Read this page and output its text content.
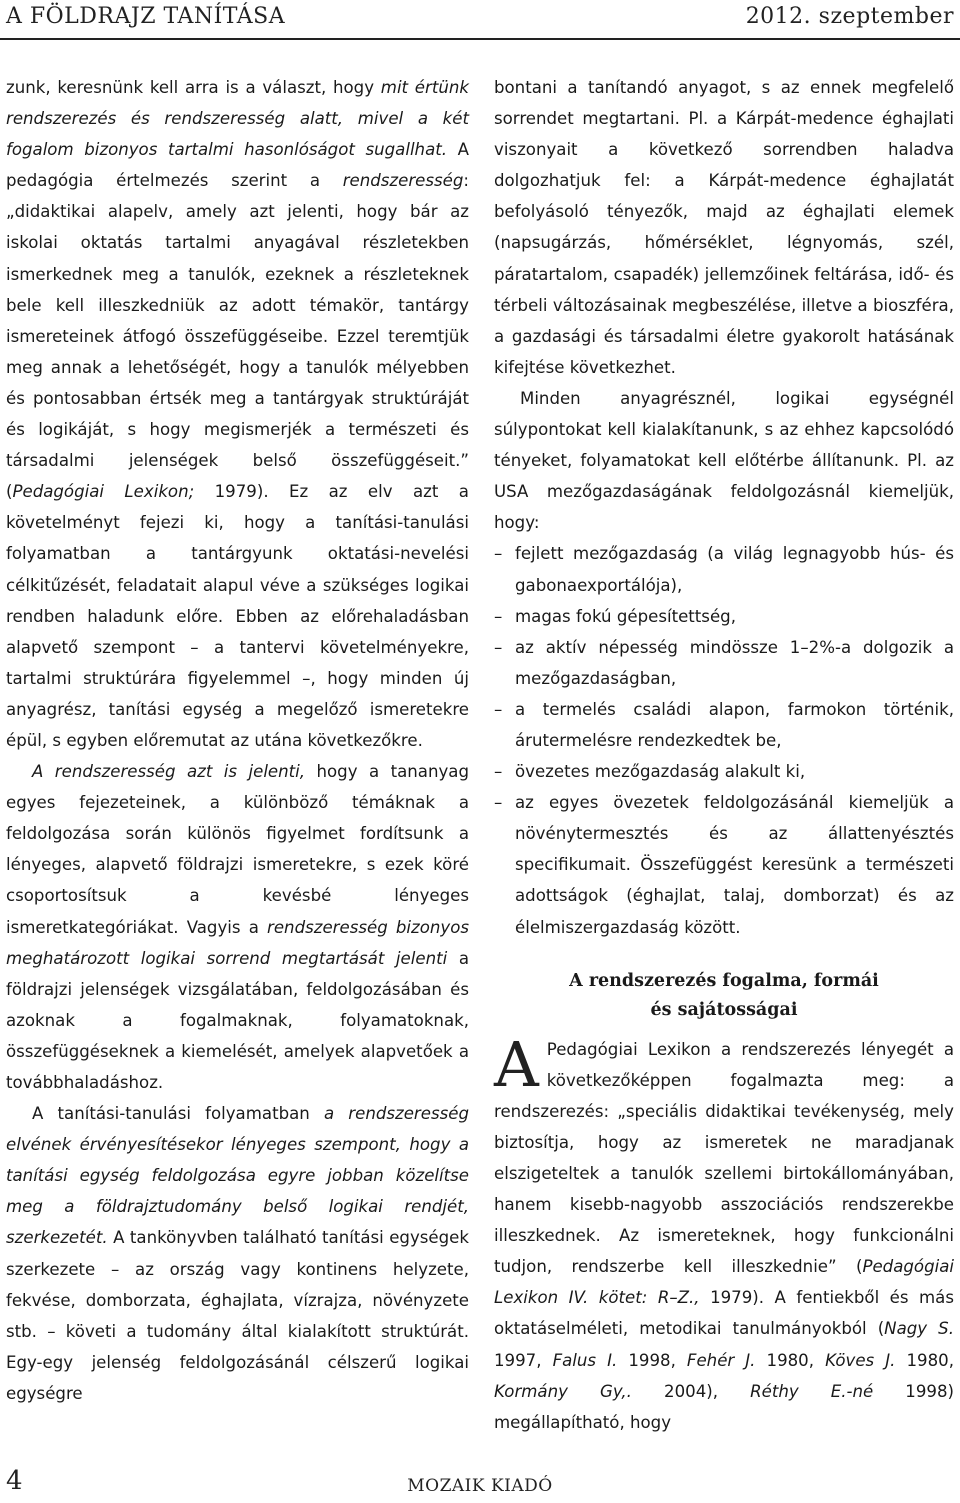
A FÖLDRAJZ TANÍTÁSA	2012. szeptember

zunk, keresnünk kell arra is a választ, hogy mit értünk rendszerezés és rendszeresség alatt, mivel a két fogalom bizonyos tartalmi hasonlóságot sugallhat. A pedagógia értelmezés szerint a rendszeresség: „didaktikai alapelv, amely azt jelenti, hogy bár az iskolai oktatás tartalmi anyagával részletekben ismerkednek meg a tanulók, ezeknek a részleteknek bele kell illeszkedniük az adott témakör, tantárgy ismereteinek átfogó összefüggéseibe. Ezzel teremtjük meg annak a lehetőségét, hogy a tanulók mélyebben és pontosabban értsék meg a tantárgyak struktúráját és logikáját, s hogy megismerjék a természeti és társadalmi jelenségek belső összefüggéseit.” (Pedagógiai Lexikon; 1979). Ez az elv azt a követelményt fejezi ki, hogy a tanítási-tanulási folyamatban a tantárgyunk oktatási-nevelési célkitűzését, feladatait alapul véve a szükséges logikai rendben haladunk előre. Ebben az előrehaladásban alapvető szempont – a tantervi követelményekre, tartalmi struktúrára figyelemmel –, hogy minden új anyagrész, tanítási egység a megelőző ismeretekre épül, s egyben előremutat az utána következőkre.

A rendszeresség azt is jelenti, hogy a tananyag egyes fejezeteinek, a különböző témáknak a feldolgozása során különös figyelmet fordítsunk a lényeges, alapvető földrajzi ismeretekre, s ezek köré csoportosítsuk a kevésbé lényeges ismeretkategóriákat. Vagyis a rendszeresség bizonyos meghatározott logikai sorrend megtartását jelenti a földrajzi jelenségek vizsgálatában, feldolgozásában és azoknak a fogalmaknak, folyamatoknak, összefüggéseknek a kiemelését, amelyek alapvetőek a továbbhaladáshoz.

A tanítási-tanulási folyamatban a rendszeresség elvének érvényesítésekor lényeges szempont, hogy a tanítási egység feldolgozása egyre jobban közelítse meg a földrajztudomány belső logikai rendjét, szerkezetét. A tankönyvben található tanítási egységek szerkezete – az ország vagy kontinens helyzete, fekvése, domborzata, éghajlata, vízrajza, növényzete stb. – követi a tudomány által kialakított struktúrát. Egy-egy jelenség feldolgozásánál célszerű logikai egységre

bontani a tanítandó anyagot, s az ennek megfelelő sorrendet megtartani. Pl. a Kárpát-medence éghajlati viszonyait a következő sorrendben haladva dolgozhatjuk fel: a Kárpát-medence éghajlatát befolyásoló tényezők, majd az éghajlati elemek (napsugárzás, hőmérséklet, légnyomás, szél, páratartalom, csapadék) jellemzőinek feltárása, idő- és térbeli változásainak megbeszélése, illetve a bioszféra, a gazdasági és társadalmi életre gyakorolt hatásának kifejtése következhet.

Minden anyagrésznél, logikai egységnél súlypontokat kell kialakítanunk, s az ehhez kapcsolódó tényeket, folyamatokat kell előtérbe állítanunk. Pl. az USA mezőgazdaságának feldolgozásnál kiemeljük, hogy:

– fejlett mezőgazdaság (a világ legnagyobb hús- és gabonaexportálója),
– magas fokú gépesítettség,
– az aktív népesség mindössze 1–2%-a dolgozik a mezőgazdaságban,
– a termelés családi alapon, farmokon történik, árutermelésre rendezkedtek be,
– övezetes mezőgazdaság alakult ki,
– az egyes övezetek feldolgozásánál kiemeljük a növénytermesztés és az állattenyésztés specifikumait. Összefüggést keresünk a természeti adottságok (éghajlat, talaj, domborzat) és az élelmiszergazdaság között.
A rendszerezés fogalma, formái
és sajátosságai

A Pedagógiai Lexikon a rendszerezés lényegét a következőképpen fogalmazta meg: a rendszerezés: „speciális didaktikai tevékenység, mely biztosítja, hogy az ismeretek ne maradjanak elszigeteltek a tanulók szellemi birtokállományában, hanem kisebb-nagyobb asszociációs rendszerekbe illeszkednek. Az ismereteknek, hogy funkcionálni tudjon, rendszerbe kell illeszkednie” (Pedagógiai Lexikon IV. kötet: R–Z., 1979). A fentiekből és más oktatáselméleti, metodikai tanulmányokból (Nagy S. 1997, Falus I. 1998, Fehér J. 1980, Köves J. 1980, Kormány Gy,. 2004), Réthy E.-né 1998) megállapítható, hogy

4	MOZAIK KIADÓ
